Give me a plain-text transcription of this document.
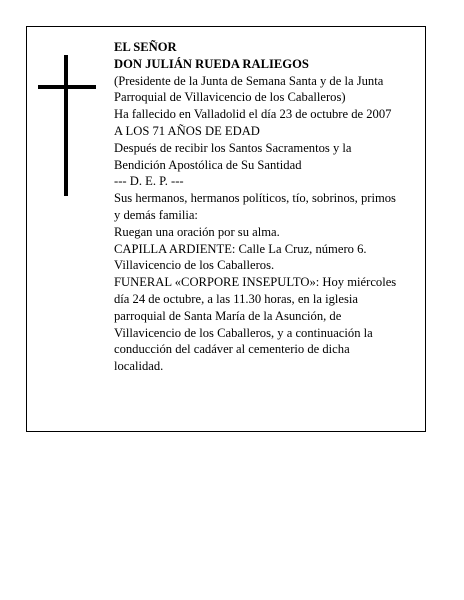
EL SEÑOR
DON JULIÁN RUEDA RALIEGOS
(Presidente de la Junta de Semana Santa y de la Junta
Parroquial de Villavicencio de los Caballeros)
Ha fallecido en Valladolid el día 23 de octubre de 2007
A LOS 71 AÑOS DE EDAD
Después de recibir los Santos Sacramentos y la
Bendición Apostólica de Su Santidad
--- D. E. P. ---
Sus hermanos, hermanos políticos, tío, sobrinos, primos
y demás familia:
Ruegan una oración por su alma.
CAPILLA ARDIENTE: Calle La Cruz, número 6.
Villavicencio de los Caballeros.
FUNERAL «CORPORE INSEPULTO»: Hoy miércoles
día 24 de octubre, a las 11.30 horas, en la iglesia
parroquial de Santa María de la Asunción, de
Villavicencio de los Caballeros, y a continuación la
conducción del cadáver al cementerio de dicha
localidad.
